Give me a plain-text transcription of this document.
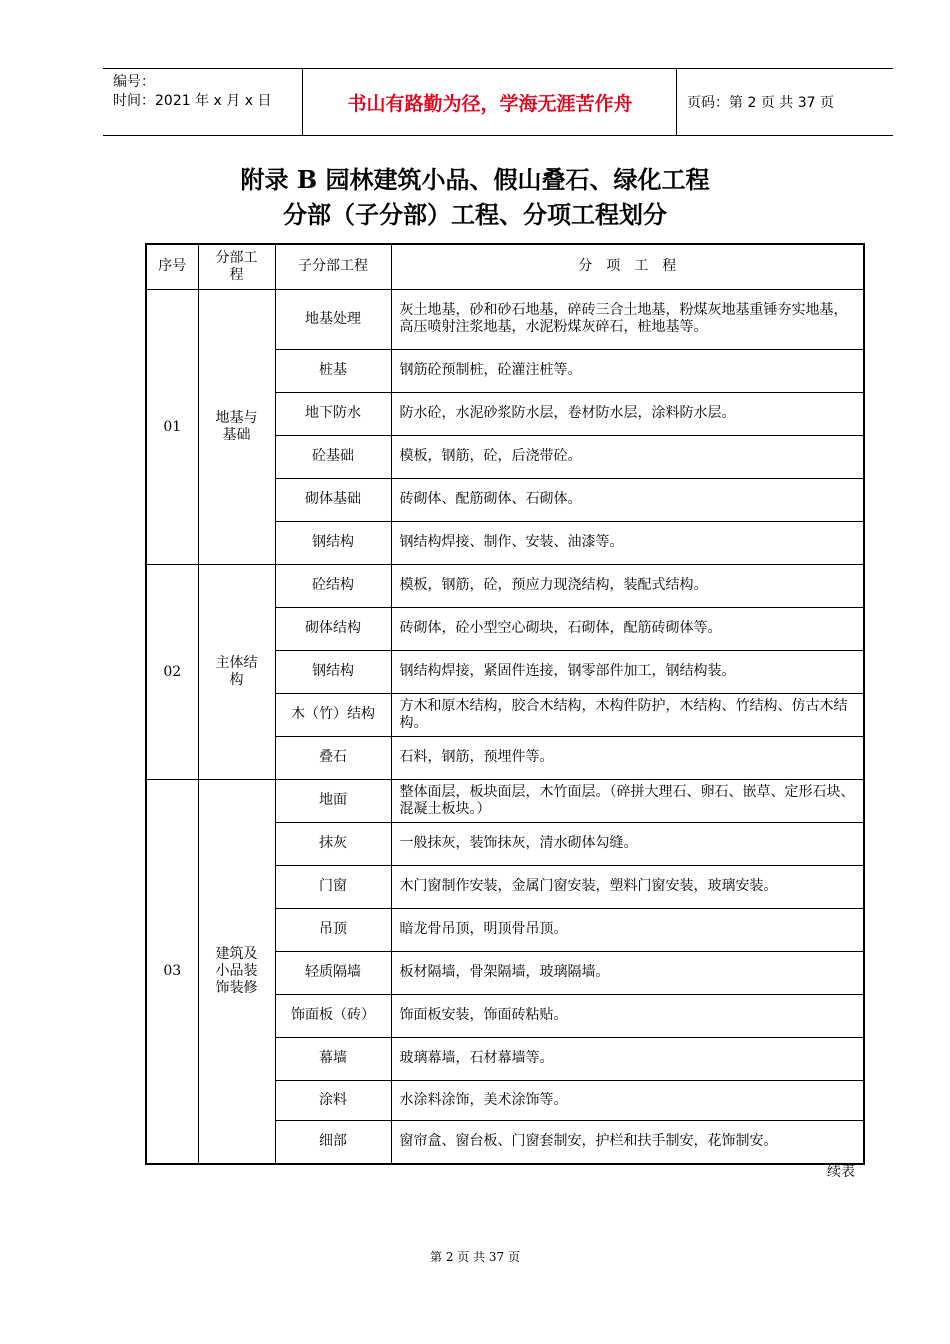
编号：
时间：2021 年 x 月 x 日	书山有路勤为径，学海无涯苦作舟	页码：第 2 页 共 37 页
附录 B 园林建筑小品、假山叠石、绿化工程
分部（子分部）工程、分项工程划分
序号	分部工程	子分部工程	分　项　工　程
01	地基与基础	地基处理	灰土地基，砂和砂石地基，碎砖三合土地基，粉煤灰地基重锤夯实地基，高压喷射注浆地基，水泥粉煤灰碎石，桩地基等。
		桩基	钢筋砼预制桩，砼灌注桩等。
		地下防水	防水砼，水泥砂浆防水层，卷材防水层，涂料防水层。
		砼基础	模板，钢筋，砼，后浇带砼。
		砌体基础	砖砌体、配筋砌体、石砌体。
		钢结构	钢结构焊接、制作、安装、油漆等。
02	主体结构	砼结构	模板，钢筋，砼，预应力现浇结构，装配式结构。
		砌体结构	砖砌体，砼小型空心砌块，石砌体，配筋砖砌体等。
		钢结构	钢结构焊接，紧固件连接，钢零部件加工，钢结构装。
		木（竹）结构	方木和原木结构，胶合木结构，木构件防护，木结构、竹结构、仿古木结构。
		叠石	石料，钢筋，预埋件等。
03	建筑及小品装饰装修	地面	整体面层，板块面层，木竹面层。（碎拼大理石、卵石、嵌草、定形石块、混凝土板块。）
		抹灰	一般抹灰，装饰抹灰，清水砌体勾缝。
		门窗	木门窗制作安装，金属门窗安装，塑料门窗安装，玻璃安装。
		吊顶	暗龙骨吊顶，明顶骨吊顶。
		轻质隔墙	板材隔墙，骨架隔墙，玻璃隔墙。
		饰面板（砖）	饰面板安装，饰面砖粘贴。
		幕墙	玻璃幕墙，石材幕墙等。
		涂料	水涂料涂饰，美术涂饰等。
		细部	窗帘盒、窗台板、门窗套制安，护栏和扶手制安，花饰制安。
续表
第 2 页 共 37 页
